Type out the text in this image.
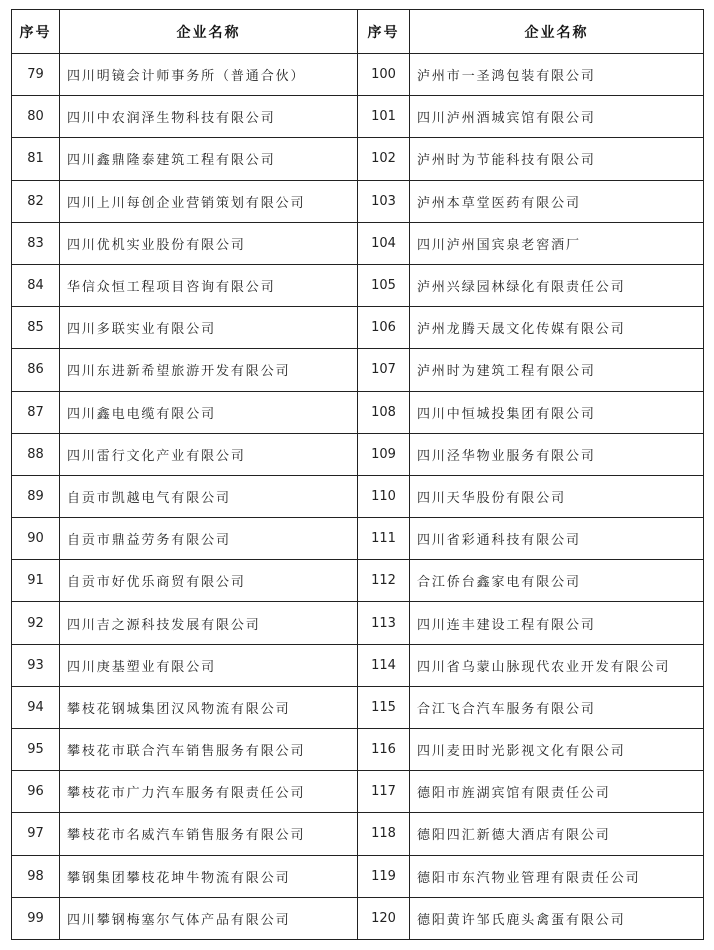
序号	企业名称	序号	企业名称
79	四川明镜会计师事务所（普通合伙）	100	泸州市一圣鸿包装有限公司
80	四川中农润泽生物科技有限公司	101	四川泸州酒城宾馆有限公司
81	四川鑫鼎隆泰建筑工程有限公司	102	泸州时为节能科技有限公司
82	四川上川每创企业营销策划有限公司	103	泸州本草堂医药有限公司
83	四川优机实业股份有限公司	104	四川泸州国宾泉老窖酒厂
84	华信众恒工程项目咨询有限公司	105	泸州兴绿园林绿化有限责任公司
85	四川多联实业有限公司	106	泸州龙腾天晟文化传媒有限公司
86	四川东进新希望旅游开发有限公司	107	泸州时为建筑工程有限公司
87	四川鑫电电缆有限公司	108	四川中恒城投集团有限公司
88	四川雷行文化产业有限公司	109	四川泾华物业服务有限公司
89	自贡市凯越电气有限公司	110	四川天华股份有限公司
90	自贡市鼎益劳务有限公司	111	四川省彩通科技有限公司
91	自贡市好优乐商贸有限公司	112	合江侨台鑫家电有限公司
92	四川吉之源科技发展有限公司	113	四川连丰建设工程有限公司
93	四川庚基塑业有限公司	114	四川省乌蒙山脉现代农业开发有限公司
94	攀枝花钢城集团汉风物流有限公司	115	合江飞合汽车服务有限公司
95	攀枝花市联合汽车销售服务有限公司	116	四川麦田时光影视文化有限公司
96	攀枝花市广力汽车服务有限责任公司	117	德阳市旌湖宾馆有限责任公司
97	攀枝花市名威汽车销售服务有限公司	118	德阳四汇新德大酒店有限公司
98	攀钢集团攀枝花坤牛物流有限公司	119	德阳市东汽物业管理有限责任公司
99	四川攀钢梅塞尔气体产品有限公司	120	德阳黄许邹氏鹿头禽蛋有限公司
